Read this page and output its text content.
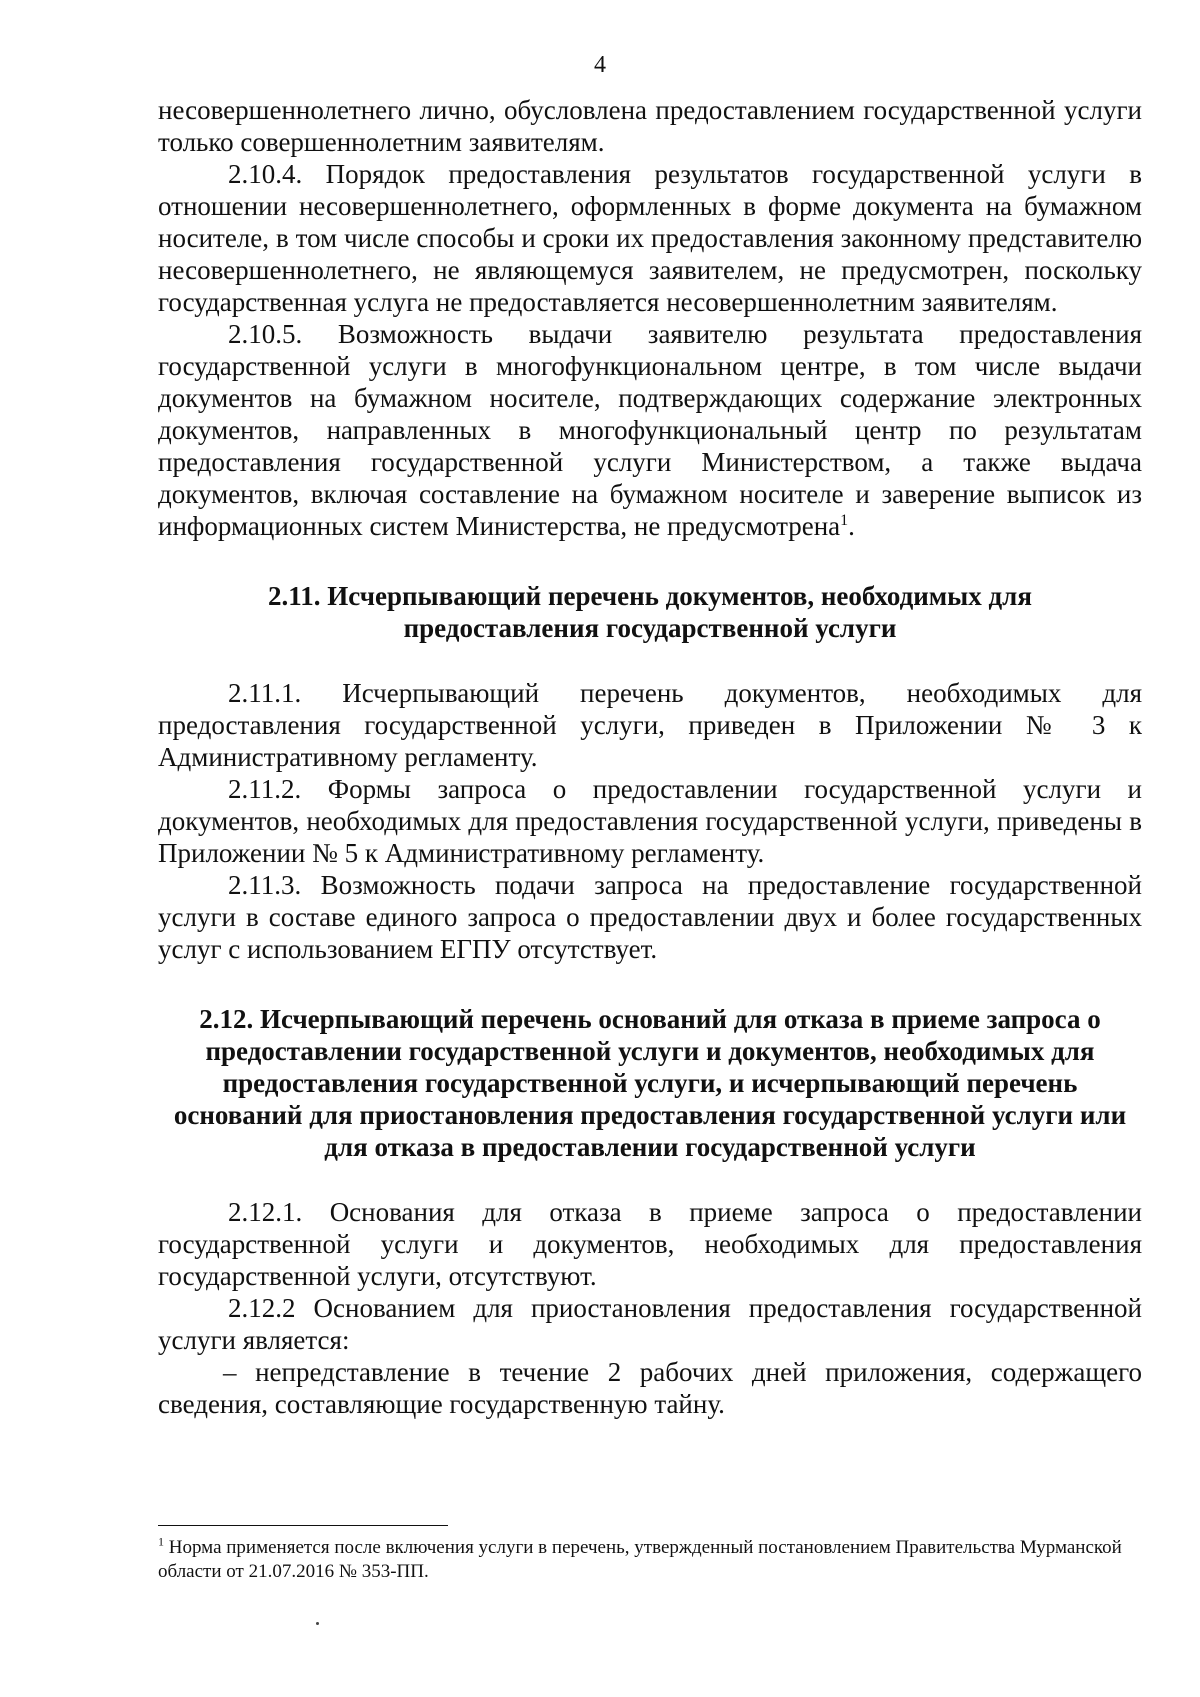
4

несовершеннолетнего лично, обусловлена предоставлением государственной услуги только совершеннолетним заявителям.

2.10.4. Порядок предоставления результатов государственной услуги в отношении несовершеннолетнего, оформленных в форме документа на бумажном носителе, в том числе способы и сроки их предоставления законному представителю несовершеннолетнего, не являющемуся заявителем, не предусмотрен, поскольку государственная услуга не предоставляется несовершеннолетним заявителям.

2.10.5. Возможность выдачи заявителю результата предоставления государственной услуги в многофункциональном центре, в том числе выдачи документов на бумажном носителе, подтверждающих содержание электронных документов, направленных в многофункциональный центр по результатам предоставления государственной услуги Министерством, а также выдача документов, включая составление на бумажном носителе и заверение выписок из информационных систем Министерства, не предусмотрена$^1$.

2.11. Исчерпывающий перечень документов, необходимых для предоставления государственной услуги

2.11.1. Исчерпывающий перечень документов, необходимых для предоставления государственной услуги, приведен в Приложении № 3 к Административному регламенту.

2.11.2. Формы запроса о предоставлении государственной услуги и документов, необходимых для предоставления государственной услуги, приведены в Приложении № 5 к Административному регламенту.

2.11.3. Возможность подачи запроса на предоставление государственной услуги в составе единого запроса о предоставлении двух и более государственных услуг с использованием ЕГПУ отсутствует.

2.12. Исчерпывающий перечень оснований для отказа в приеме запроса о предоставлении государственной услуги и документов, необходимых для предоставления государственной услуги, и исчерпывающий перечень оснований для приостановления предоставления государственной услуги или для отказа в предоставлении государственной услуги

2.12.1. Основания для отказа в приеме запроса о предоставлении государственной услуги и документов, необходимых для предоставления государственной услуги, отсутствуют.

2.12.2 Основанием для приостановления предоставления государственной услуги является:

– непредставление в течение 2 рабочих дней приложения, содержащего сведения, составляющие государственную тайну.

$^1$ Норма применяется после включения услуги в перечень, утвержденный постановлением Правительства Мурманской области от 21.07.2016 № 353-ПП.
